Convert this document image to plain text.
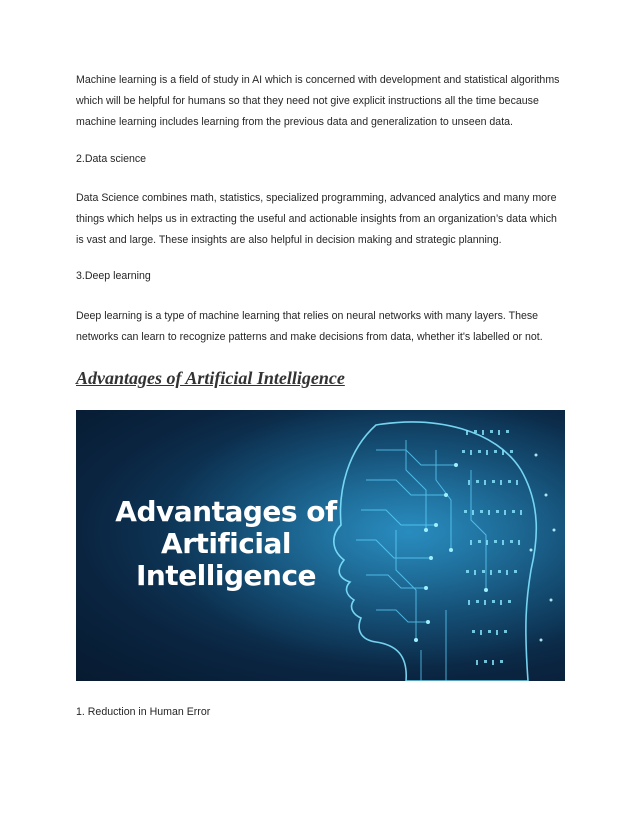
Machine learning is a field of study in AI which is concerned with development and statistical algorithms which will be helpful for humans so that they need not give explicit instructions all the time because machine learning includes learning from the previous data and generalization to unseen data.

2.Data science

Data Science combines math, statistics, specialized programming, advanced analytics and many more things which helps us in extracting the useful and actionable insights from an organization’s data which is vast and large. These insights are also helpful in decision making and strategic planning.

3.Deep learning

Deep learning is a type of machine learning that relies on neural networks with many layers. These networks can learn to recognize patterns and make decisions from data, whether it's labelled or not.

Advantages of Artificial Intelligence

1. Reduction in Human Error

Advantages of
Artificial
Intelligence
